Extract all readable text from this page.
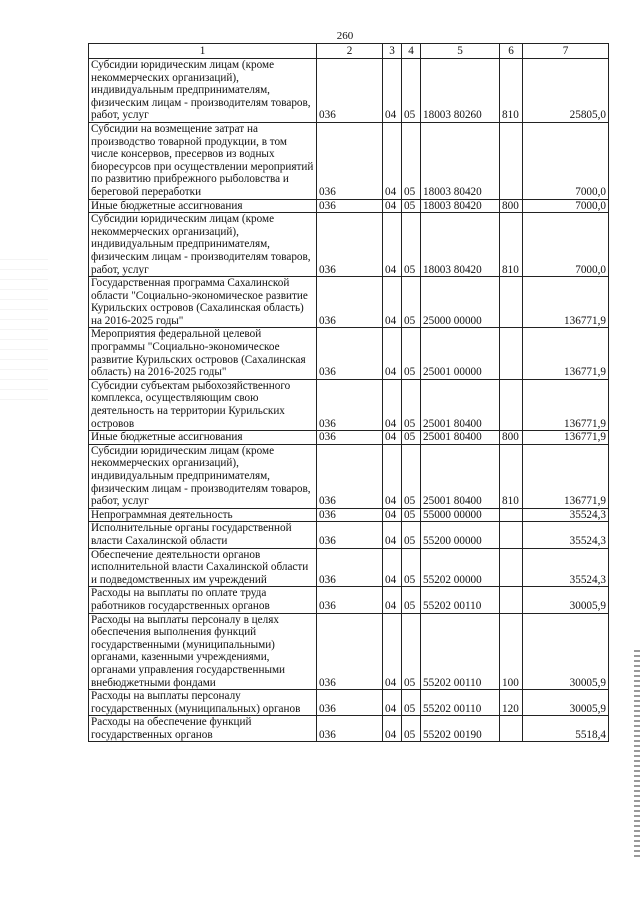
260
1	2	3	4	5	6	7
Субсидии юридическим лицам (кроме некоммерческих организаций), индивидуальным предпринимателям, физическим лицам - производителям товаров, работ, услуг	036	04	05	18003 80260	810	25805,0
Субсидии на возмещение затрат на производство товарной продукции, в том числе консервов, пресервов из водных биоресурсов при осуществлении мероприятий по развитию прибрежного рыболовства и береговой переработки	036	04	05	18003 80420		7000,0
Иные бюджетные ассигнования	036	04	05	18003 80420	800	7000,0
Субсидии юридическим лицам (кроме некоммерческих организаций), индивидуальным предпринимателям, физическим лицам - производителям товаров, работ, услуг	036	04	05	18003 80420	810	7000,0
Государственная программа Сахалинской области "Социально-экономическое развитие Курильских островов (Сахалинская область) на 2016-2025 годы"	036	04	05	25000 00000		136771,9
Мероприятия федеральной целевой программы "Социально-экономическое развитие Курильских островов (Сахалинская область) на 2016-2025 годы"	036	04	05	25001 00000		136771,9
Субсидии субъектам рыбохозяйственного комплекса, осуществляющим свою деятельность на территории Курильских островов	036	04	05	25001 80400		136771,9
Иные бюджетные ассигнования	036	04	05	25001 80400	800	136771,9
Субсидии юридическим лицам (кроме некоммерческих организаций), индивидуальным предпринимателям, физическим лицам - производителям товаров, работ, услуг	036	04	05	25001 80400	810	136771,9
Непрограммная деятельность	036	04	05	55000 00000		35524,3
Исполнительные органы государственной власти Сахалинской области	036	04	05	55200 00000		35524,3
Обеспечение деятельности органов исполнительной власти Сахалинской области и подведомственных им учреждений	036	04	05	55202 00000		35524,3
Расходы на выплаты по оплате труда работников государственных органов	036	04	05	55202 00110		30005,9
Расходы на выплаты персоналу в целях обеспечения выполнения функций государственными (муниципальными) органами, казенными учреждениями, органами управления государственными внебюджетными фондами	036	04	05	55202 00110	100	30005,9
Расходы на выплаты персоналу государственных (муниципальных) органов	036	04	05	55202 00110	120	30005,9
Расходы на обеспечение функций государственных органов	036	04	05	55202 00190		5518,4
